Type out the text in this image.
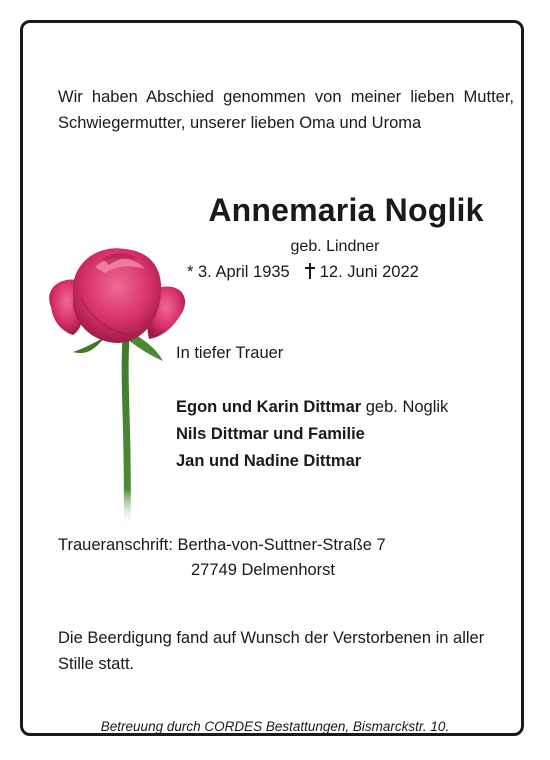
Wir haben Abschied genommen von meiner lieben Mutter, Schwiegermutter, unserer lieben Oma und Uroma
Annemaria Noglik
geb. Lindner
* 3. April 1935 12. Juni 2022
In tiefer Trauer
Egon und Karin Dittmar geb. Noglik
Nils Dittmar und Familie
Jan und Nadine Dittmar
Traueranschrift: Bertha-von-Suttner-Straße 7
27749 Delmenhorst
Die Beerdigung fand auf Wunsch der Verstorbenen in aller Stille statt.
Betreuung durch CORDES Bestattungen, Bismarckstr. 10.
